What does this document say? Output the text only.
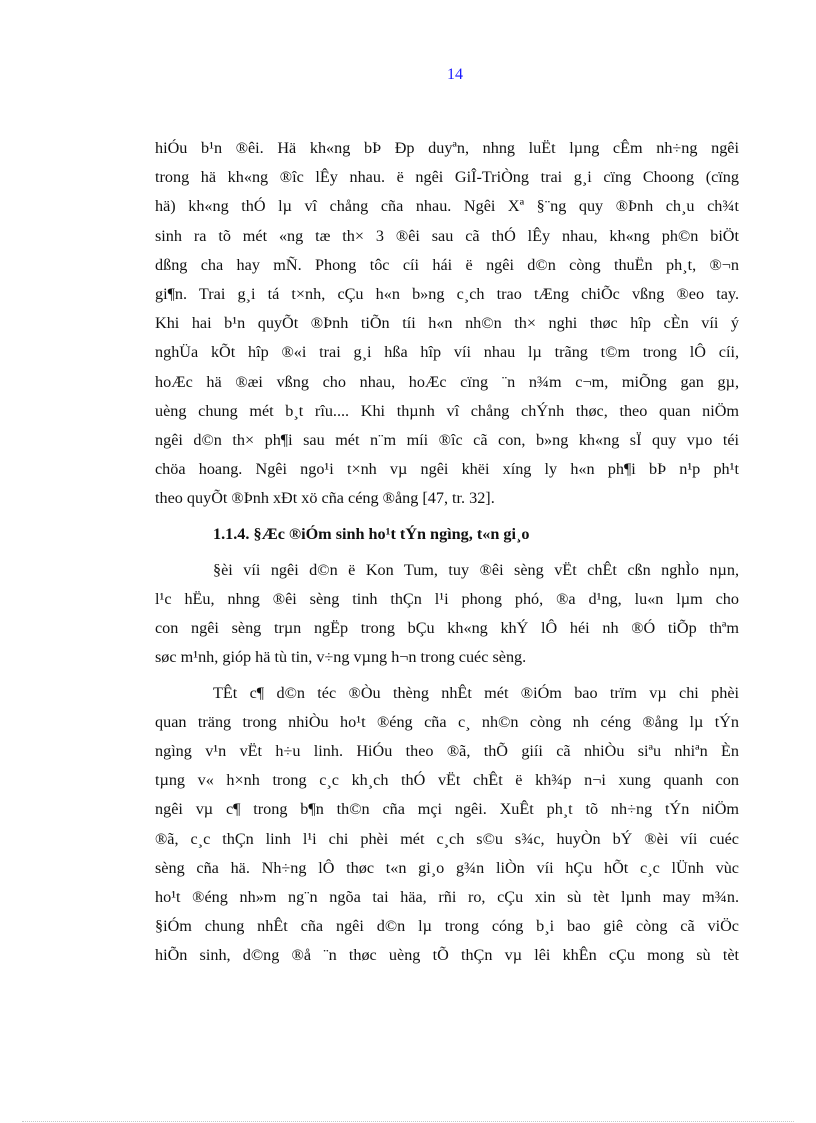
14
hiÓu b¹n ®êi. Hä kh«ng bÞ Ðp duyªn, nhng luËt lµng cÊm nh÷ng ngêi
trong hä kh«ng ®îc lÊy nhau. ë ngêi GiÎ-TriÒng trai g¸i cïng Choong (cïng
hä) kh«ng thÓ lµ vî chång cña nhau. Ngêi Xª §¨ng quy ®Þnh ch¸u ch¾t
sinh ra tõ mét «ng tæ th× 3 ®êi sau cã thÓ lÊy nhau, kh«ng ph©n biÖt
dßng cha hay mÑ. Phong tôc cíi hái ë ngêi d©n còng thuËn ph¸t, ®¬n
gi¶n. Trai g¸i tá t×nh, cÇu h«n b»ng c¸ch trao tÆng chiÕc vßng ®eo tay.
Khi hai b¹n quyÕt ®Þnh tiÕn tíi h«n nh©n th× nghi thøc hîp cÈn víi ý
nghÜa kÕt hîp ®«i trai g¸i hßa hîp víi nhau lµ trãng t©m trong lÔ cíi,
hoÆc hä ®æi vßng cho nhau, hoÆc cïng ¨n n¾m c¬m, miÕng gan gµ,
uèng chung mét b¸t rîu.... Khi thµnh vî chång chÝnh thøc, theo quan niÖm
ngêi d©n th× ph¶i sau mét n¨m míi ®îc cã con, b»ng kh«ng sÏ quy vµo téi
chöa hoang. Ngêi ngo¹i t×nh vµ ngêi khëi xíng ly h«n ph¶i bÞ n¹p ph¹t
theo quyÕt ®Þnh xÐt xö cña céng ®ång [47, tr. 32].
1.1.4. §Æc ®iÓm sinh ho¹t tÝn ngìng, t«n gi¸o
§èi víi ngêi d©n ë Kon Tum, tuy ®êi sèng vËt chÊt cßn nghÌo nµn,
l¹c hËu, nhng ®êi sèng tinh thÇn l¹i phong phó, ®a d¹ng, lu«n lµm cho
con ngêi sèng trµn ngËp trong bÇu kh«ng khÝ lÔ héi nh ®Ó tiÕp thªm
søc m¹nh, gióp hä tù tin, v÷ng vµng h¬n trong cuéc sèng.
TÊt c¶ d©n téc ®Òu thèng nhÊt mét ®iÓm bao trïm vµ chi phèi
quan träng trong nhiÒu ho¹t ®éng cña c¸ nh©n còng nh céng ®ång lµ tÝn
ngìng v¹n vËt h÷u linh. HiÓu theo ®ã, thÕ giíi cã nhiÒu siªu nhiªn Èn
tµng v« h×nh trong c¸c kh¸ch thÓ vËt chÊt ë kh¾p n¬i xung quanh con
ngêi vµ c¶ trong b¶n th©n cña mçi ngêi. XuÊt ph¸t tõ nh÷ng tÝn niÖm
®ã, c¸c thÇn linh l¹i chi phèi mét c¸ch s©u s¾c, huyÒn bÝ ®èi víi cuéc
sèng cña hä. Nh÷ng lÔ thøc t«n gi¸o g¾n liÒn víi hÇu hÕt c¸c lÜnh vùc
ho¹t ®éng nh»m ng¨n ngõa tai häa, rñi ro, cÇu xin sù tèt lµnh may m¾n.
§iÓm chung nhÊt cña ngêi d©n lµ trong cóng b¸i bao giê còng cã viÖc
hiÕn sinh, d©ng ®å ¨n thøc uèng tÕ thÇn vµ lêi khÊn cÇu mong sù tèt
